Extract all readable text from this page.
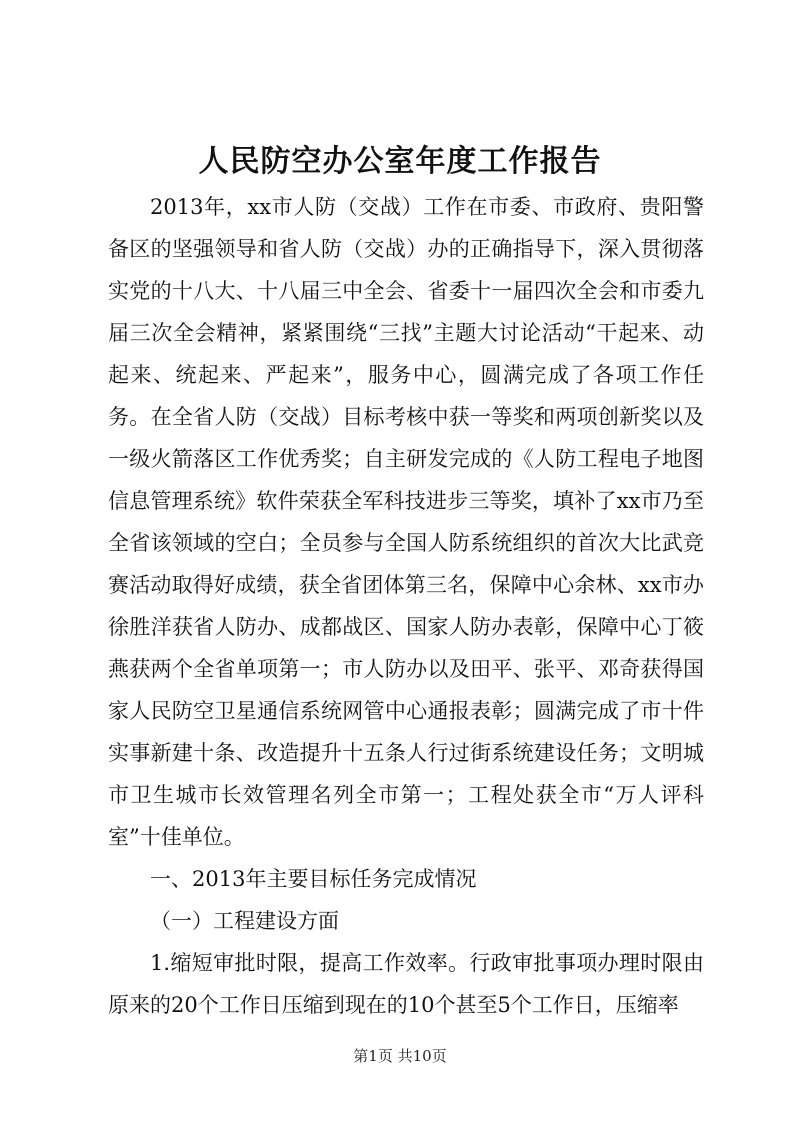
人民防空办公室年度工作报告

2013年，xx市人防（交战）工作在市委、市政府、贵阳警备区的坚强领导和省人防（交战）办的正确指导下，深入贯彻落实党的十八大、十八届三中全会、省委十一届四次全会和市委九届三次全会精神，紧紧围绕“三找”主题大讨论活动“干起来、动起来、统起来、严起来”，服务中心，圆满完成了各项工作任务。在全省人防（交战）目标考核中获一等奖和两项创新奖以及一级火箭落区工作优秀奖；自主研发完成的《人防工程电子地图信息管理系统》软件荣获全军科技进步三等奖，填补了xx市乃至全省该领域的空白；全员参与全国人防系统组织的首次大比武竞赛活动取得好成绩，获全省团体第三名，保障中心余林、xx市办徐胜洋获省人防办、成都战区、国家人防办表彰，保障中心丁筱燕获两个全省单项第一；市人防办以及田平、张平、邓奇获得国家人民防空卫星通信系统网管中心通报表彰；圆满完成了市十件实事新建十条、改造提升十五条人行过街系统建设任务；文明城市卫生城市长效管理名列全市第一；工程处获全市“万人评科室”十佳单位。

一、2013年主要目标任务完成情况

（一）工程建设方面

1.缩短审批时限，提高工作效率。行政审批事项办理时限由原来的20个工作日压缩到现在的10个甚至5个工作日，压缩率

第1页 共10页
